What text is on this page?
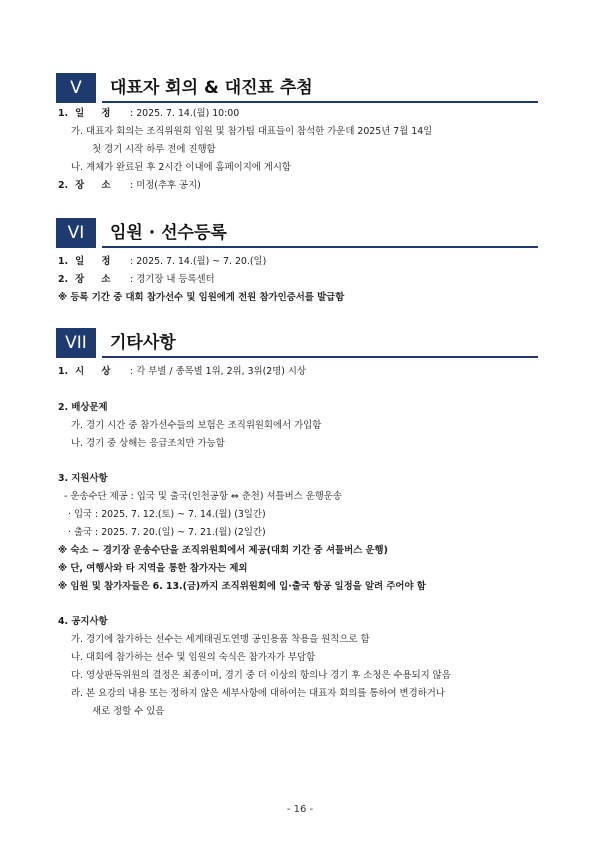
V	대표자 회의 & 대진표 추첨
1. 일 정 : 2025. 7. 14.(월) 10:00
가. 대표자 회의는 조직위원회 임원 및 참가팀 대표들이 참석한 가운데 2025년 7월 14일
첫 경기 시작 하루 전에 진행함
나. 계체가 완료된 후 2시간 이내에 홈페이지에 게시함
2. 장 소 : 미정(추후 공지)
VI	임원 · 선수등록
1. 일 정 : 2025. 7. 14.(월) ~ 7. 20.(일)
2. 장 소 : 경기장 내 등록센터
※ 등록 기간 중 대회 참가선수 및 임원에게 전원 참가인증서를 발급함
VII	기타사항
1. 시 상 : 각 부별 / 종목별 1위, 2위, 3위(2명) 시상
2. 배상문제
가. 경기 시간 중 참가선수들의 보험은 조직위원회에서 가입함
나. 경기 중 상해는 응급조치만 가능함
3. 지원사항
- 운송수단 제공 : 입국 및 출국(인천공항 ⇔ 춘천) 셔틀버스 운행운송
· 입국 : 2025. 7. 12.(토) ~ 7. 14.(월) (3일간)
· 출국 : 2025. 7. 20.(일) ~ 7. 21.(월) (2일간)
※ 숙소 ~ 경기장 운송수단을 조직위원회에서 제공(대회 기간 중 셔틀버스 운행)
※ 단, 여행사와 타 지역을 통한 참가자는 제외
※ 임원 및 참가자들은 6. 13.(금)까지 조직위원회에 입·출국 항공 일정을 알려 주어야 함
4. 공지사항
가. 경기에 참가하는 선수는 세계태권도연맹 공인용품 착용을 원칙으로 함
나. 대회에 참가하는 선수 및 임원의 숙식은 참가자가 부담함
다. 영상판독위원의 결정은 최종이며, 경기 중 더 이상의 항의나 경기 후 소청은 수용되지 않음
라. 본 요강의 내용 또는 정하지 않은 세부사항에 대하여는 대표자 회의를 통하여 변경하거나
새로 정할 수 있음
- 16 -
